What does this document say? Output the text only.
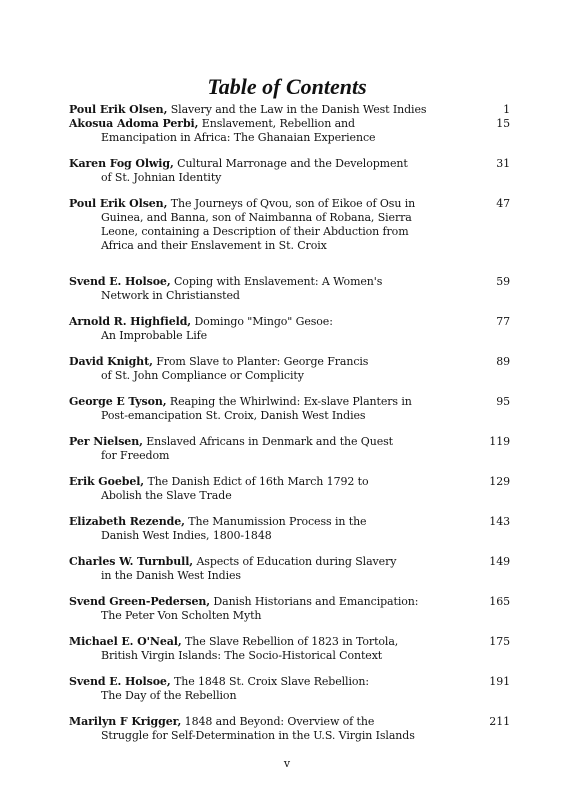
Table of Contents
Poul Erik Olsen, Slavery and the Law in the Danish West Indies	1
Akosua Adoma Perbi, Enslavement, Rebellion and
Emancipation in Africa: The Ghanaian Experience
15
Karen Fog Olwig, Cultural Marronage and the Development
of St. Johnian Identity
31
Poul Erik Olsen, The Journeys of Qvou, son of Eikoe of Osu in
Guinea, and Banna, son of Naimbanna of Robana, Sierra
Leone, containing a Description of their Abduction from
Africa and their Enslavement in St. Croix
47
Svend E. Holsoe, Coping with Enslavement: A Women's
Network in Christiansted
59
Arnold R. Highfield, Domingo "Mingo" Gesoe:
An Improbable Life
77
David Knight, From Slave to Planter: George Francis
of St. John Compliance or Complicity
89
George E Tyson, Reaping the Whirlwind: Ex-slave Planters in
Post-emancipation St. Croix, Danish West Indies
95
Per Nielsen, Enslaved Africans in Denmark and the Quest
for Freedom
119
Erik Goebel, The Danish Edict of 16th March 1792 to
Abolish the Slave Trade
129
Elizabeth Rezende, The Manumission Process in the
Danish West Indies, 1800-1848
143
Charles W. Turnbull, Aspects of Education during Slavery
in the Danish West Indies
149
Svend Green-Pedersen, Danish Historians and Emancipation:
The Peter Von Scholten Myth
165
Michael E. O'Neal, The Slave Rebellion of 1823 in Tortola,
British Virgin Islands: The Socio-Historical Context
175
Svend E. Holsoe, The 1848 St. Croix Slave Rebellion:
The Day of the Rebellion
191
Marilyn F Krigger, 1848 and Beyond: Overview of the
Struggle for Self-Determination in the U.S. Virgin Islands
211
v
